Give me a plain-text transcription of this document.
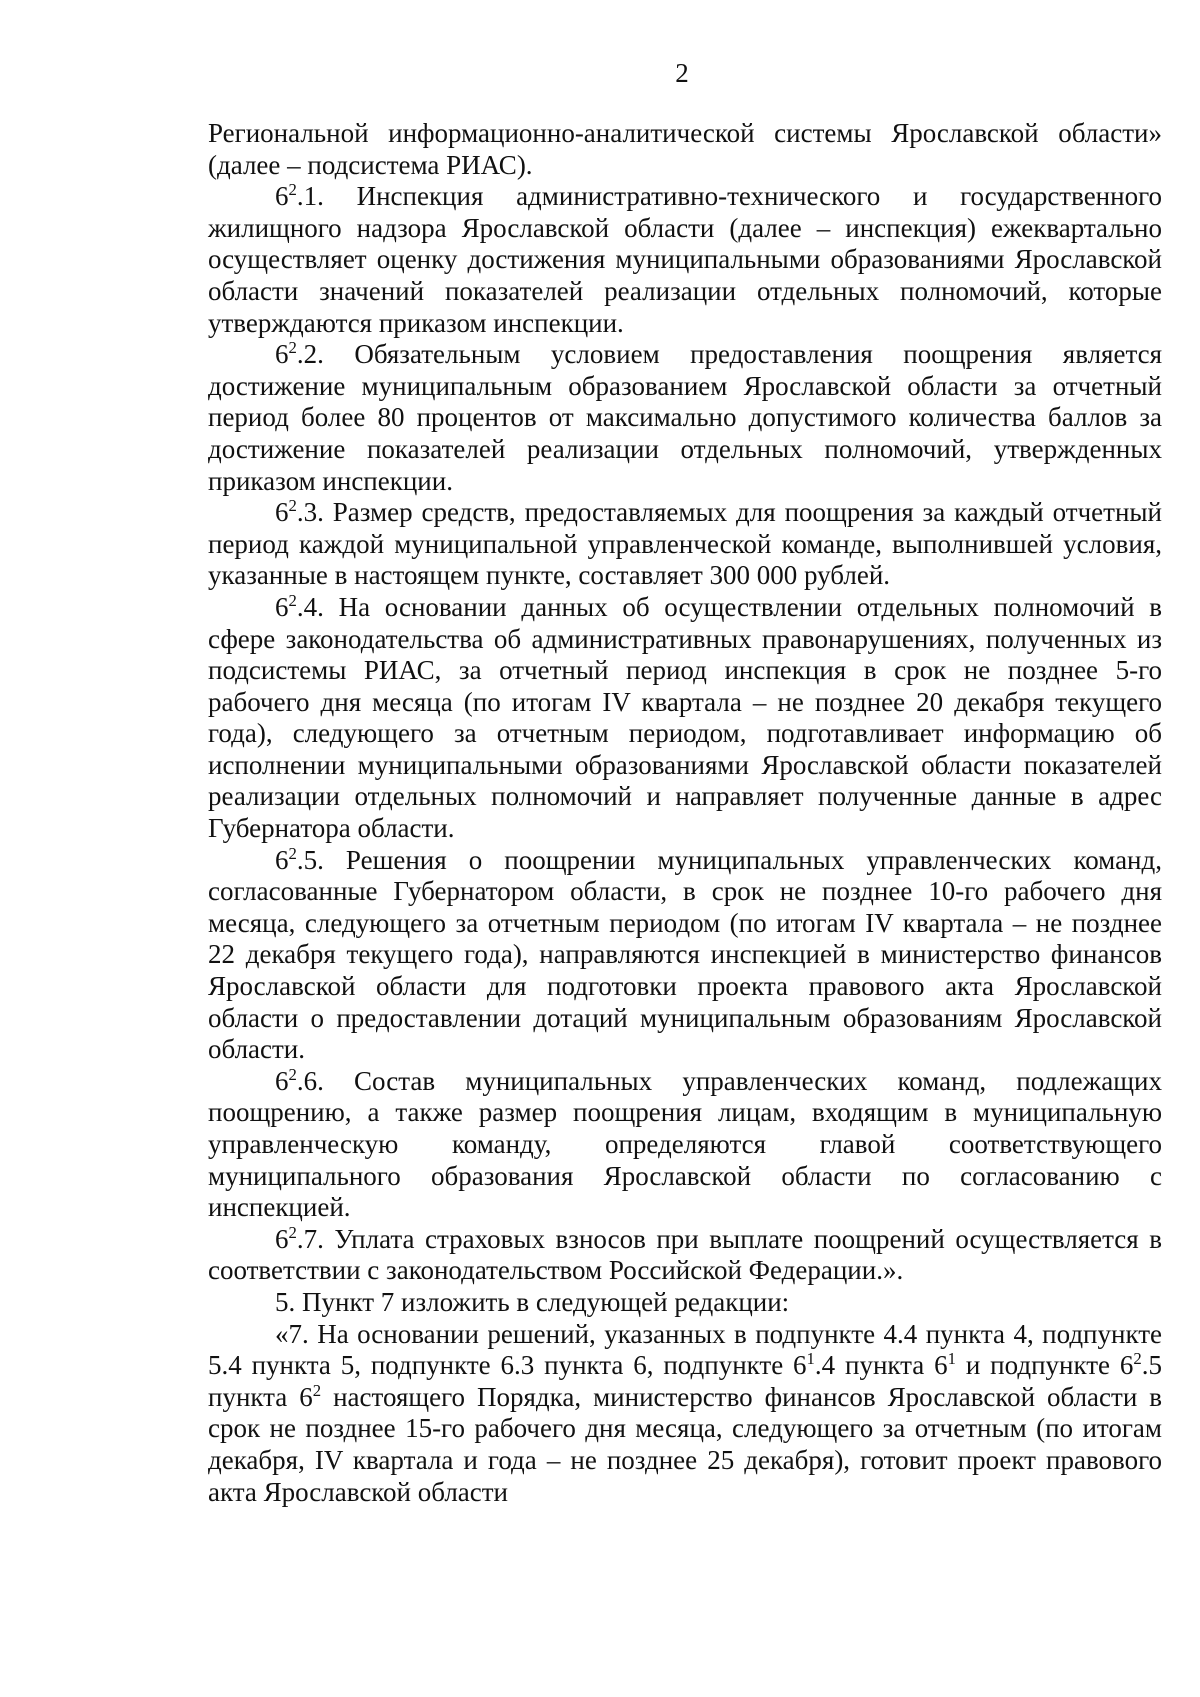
2

Региональной информационно-аналитической системы Ярославской области» (далее – подсистема РИАС).

$6^2.1$. Инспекция административно-технического и государственного жилищного надзора Ярославской области (далее – инспекция) ежеквартально осуществляет оценку достижения муниципальными образованиями Ярославской области значений показателей реализации отдельных полномочий, которые утверждаются приказом инспекции.

$6^2.2$. Обязательным условием предоставления поощрения является достижение муниципальным образованием Ярославской области за отчетный период более 80 процентов от максимально допустимого количества баллов за достижение показателей реализации отдельных полномочий, утвержденных приказом инспекции.

$6^2.3$. Размер средств, предоставляемых для поощрения за каждый отчетный период каждой муниципальной управленческой команде, выполнившей условия, указанные в настоящем пункте, составляет 300 000 рублей.

$6^2.4$. На основании данных об осуществлении отдельных полномочий в сфере законодательства об административных правонарушениях, полученных из подсистемы РИАС, за отчетный период инспекция в срок не позднее 5-го рабочего дня месяца (по итогам IV квартала – не позднее 20 декабря текущего года), следующего за отчетным периодом, подготавливает информацию об исполнении муниципальными образованиями Ярославской области показателей реализации отдельных полномочий и направляет полученные данные в адрес Губернатора области.

$6^2.5$. Решения о поощрении муниципальных управленческих команд, согласованные Губернатором области, в срок не позднее 10-го рабочего дня месяца, следующего за отчетным периодом (по итогам IV квартала – не позднее 22 декабря текущего года), направляются инспекцией в министерство финансов Ярославской области для подготовки проекта правового акта Ярославской области о предоставлении дотаций муниципальным образованиям Ярославской области.

$6^2.6$. Состав муниципальных управленческих команд, подлежащих поощрению, а также размер поощрения лицам, входящим в муниципальную управленческую команду, определяются главой соответствующего муниципального образования Ярославской области по согласованию с инспекцией.

$6^2.7$. Уплата страховых взносов при выплате поощрений осуществляется в соответствии с законодательством Российской Федерации.».

5. Пункт 7 изложить в следующей редакции:

«7. На основании решений, указанных в подпункте 4.4 пункта 4, подпункте 5.4 пункта 5, подпункте 6.3 пункта 6, подпункте $6^1.4$ пункта $6^1$ и подпункте $6^2.5$ пункта $6^2$ настоящего Порядка, министерство финансов Ярославской области в срок не позднее 15-го рабочего дня месяца, следующего за отчетным (по итогам декабря, IV квартала и года – не позднее 25 декабря), готовит проект правового акта Ярославской области
